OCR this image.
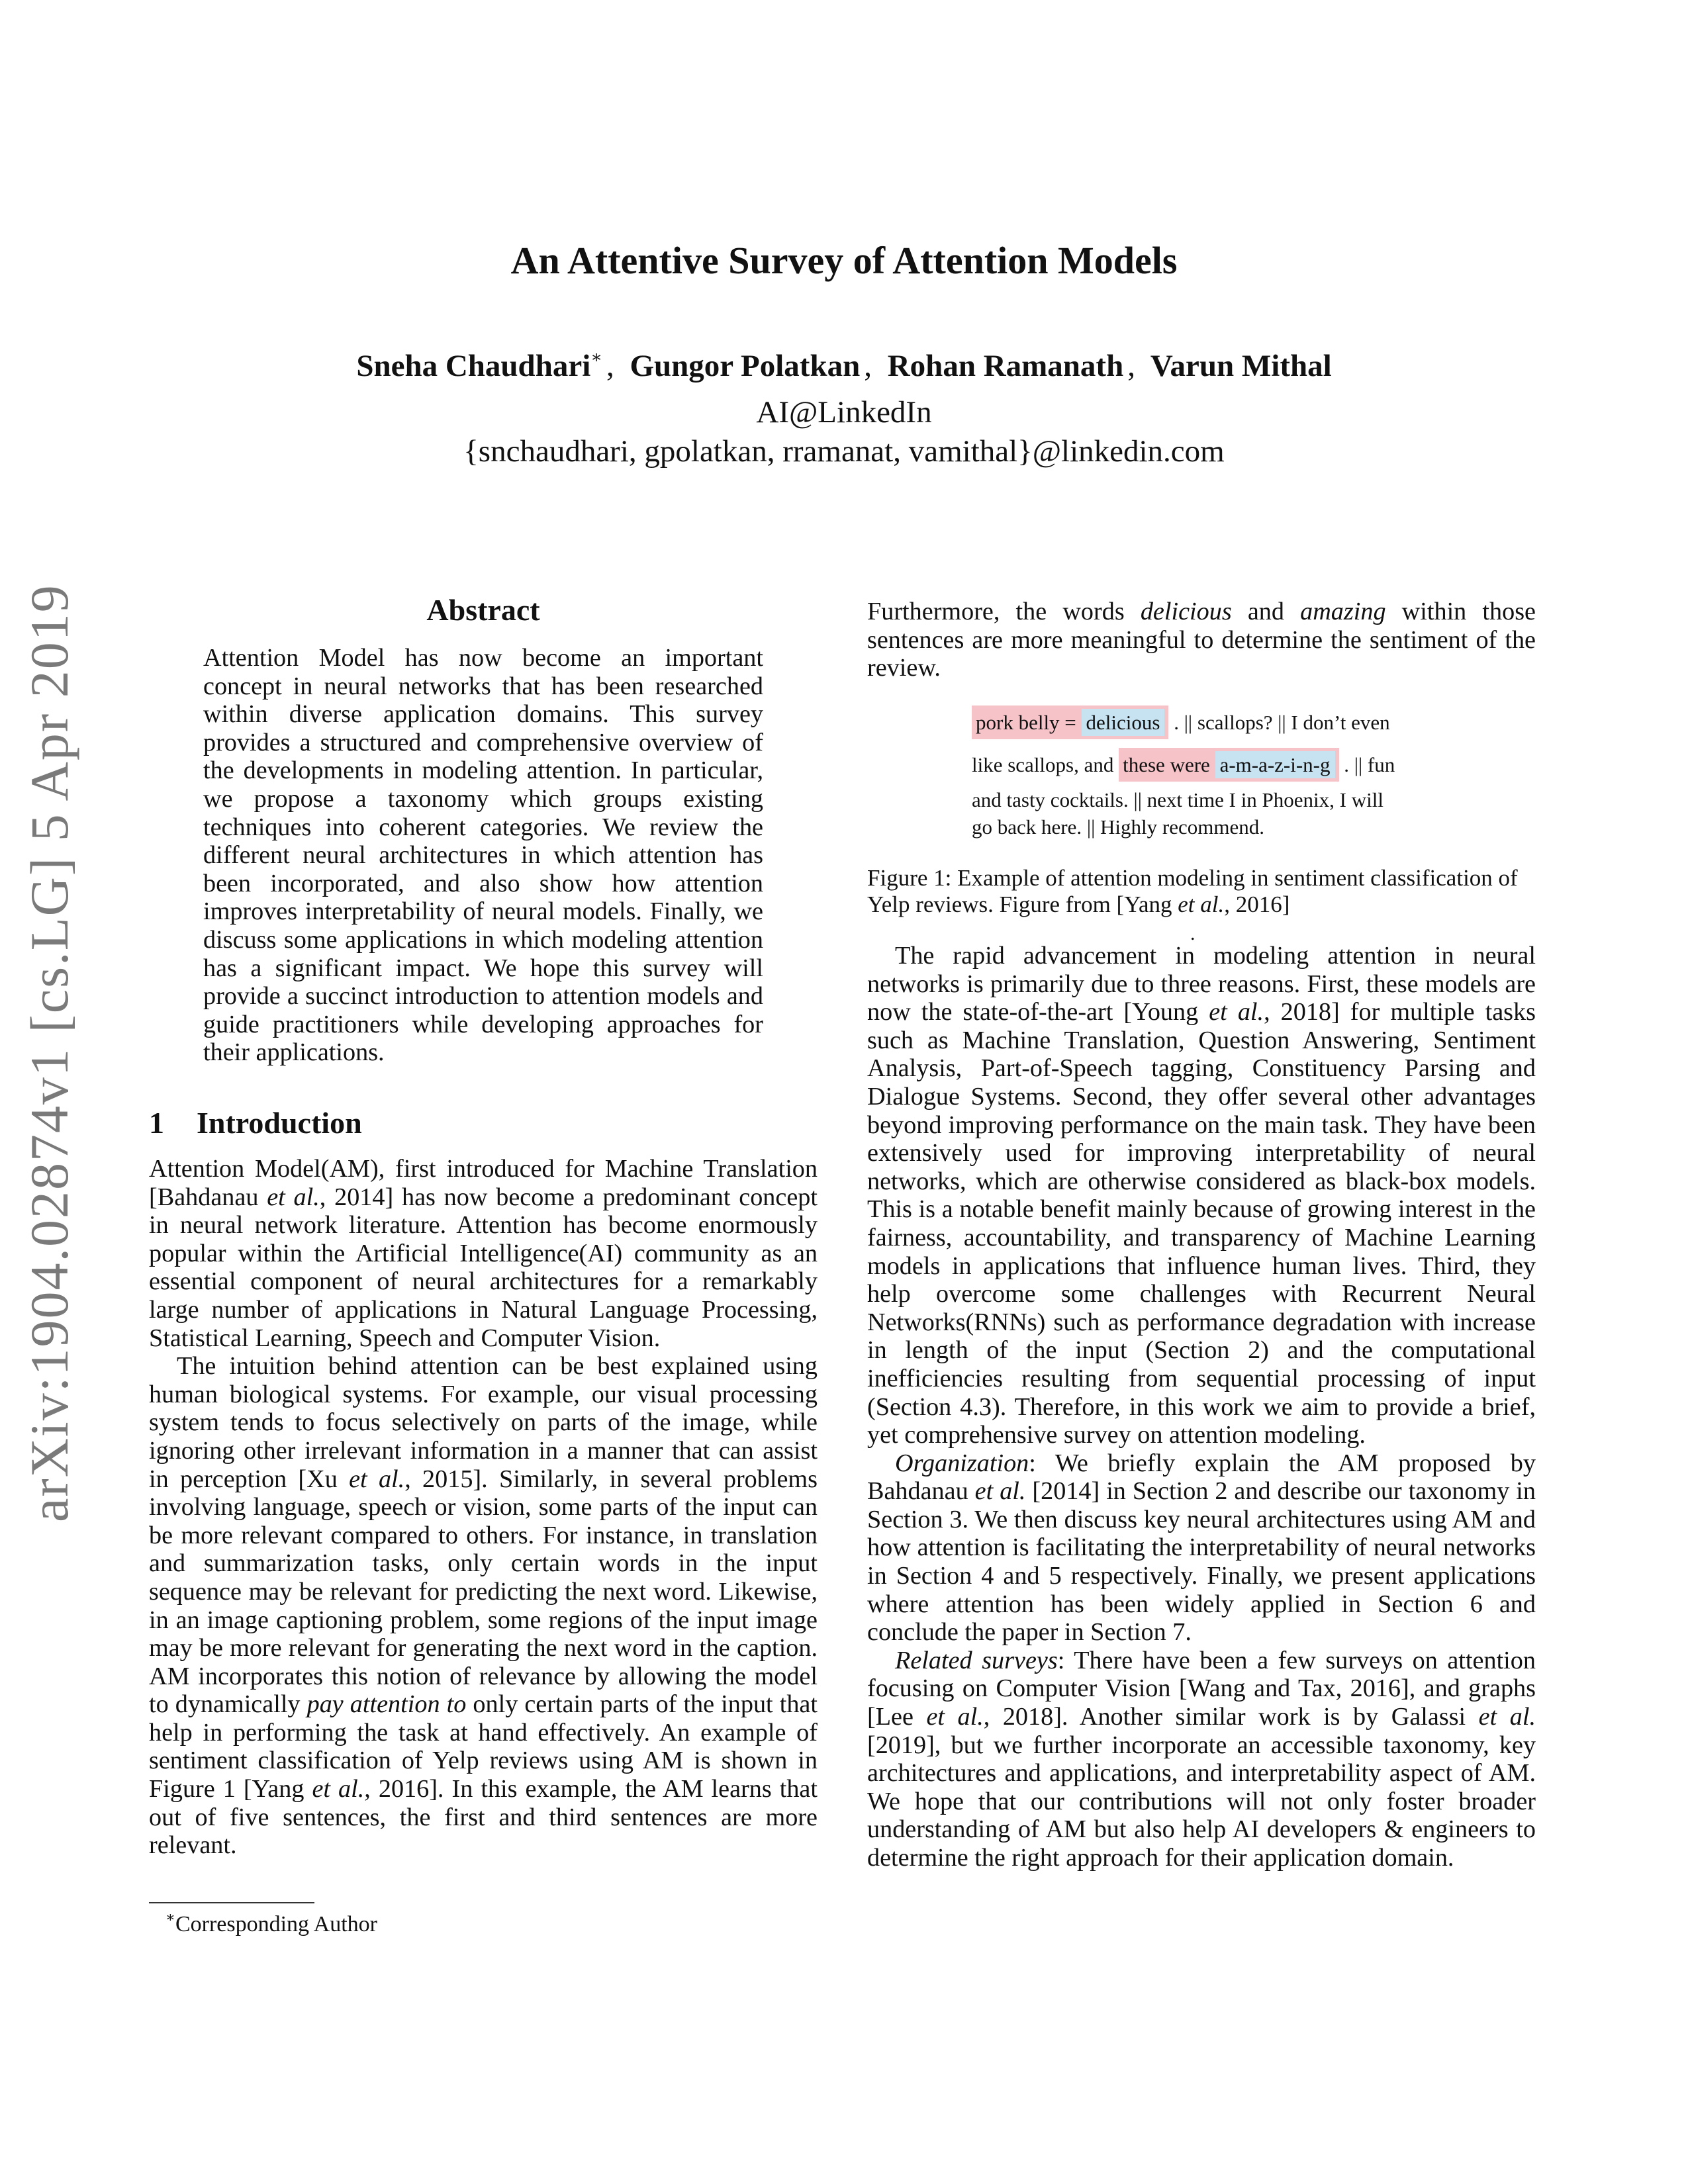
arXiv:1904.02874v1 [cs.LG] 5 Apr 2019
An Attentive Survey of Attention Models
Sneha Chaudhari∗ , Gungor Polatkan , Rohan Ramanath , Varun Mithal
AI@LinkedIn
{snchaudhari, gpolatkan, rramanat, vamithal}@linkedin.com
Abstract

Attention Model has now become an important concept in neural networks that has been researched within diverse application domains. This survey provides a structured and comprehensive overview of the developments in modeling attention. In particular, we propose a taxonomy which groups existing techniques into coherent categories. We review the different neural architectures in which attention has been incorporated, and also show how attention improves interpretability of neural models. Finally, we discuss some applications in which modeling attention has a significant impact. We hope this survey will provide a succinct introduction to attention models and guide practitioners while developing approaches for their applications.

1 Introduction

Attention Model(AM), first introduced for Machine Translation [Bahdanau et al., 2014] has now become a predominant concept in neural network literature. Attention has become enormously popular within the Artificial Intelligence(AI) community as an essential component of neural architectures for a remarkably large number of applications in Natural Language Processing, Statistical Learning, Speech and Computer Vision.

The intuition behind attention can be best explained using human biological systems. For example, our visual processing system tends to focus selectively on parts of the image, while ignoring other irrelevant information in a manner that can assist in perception [Xu et al., 2015]. Similarly, in several problems involving language, speech or vision, some parts of the input can be more relevant compared to others. For instance, in translation and summarization tasks, only certain words in the input sequence may be relevant for predicting the next word. Likewise, in an image captioning problem, some regions of the input image may be more relevant for generating the next word in the caption. AM incorporates this notion of relevance by allowing the model to dynamically pay attention to only certain parts of the input that help in performing the task at hand effectively. An example of sentiment classification of Yelp reviews using AM is shown in Figure 1 [Yang et al., 2016]. In this example, the AM learns that out of five sentences, the first and third sentences are more relevant.

∗Corresponding Author

Furthermore, the words delicious and amazing within those sentences are more meaningful to determine the sentiment of the review.

pork belly = delicious . || scallops? || I don’t even
like scallops, and these were a-m-a-z-i-n-g . || fun
and tasty cocktails. || next time I in Phoenix, I will
go back here. || Highly recommend.
Figure 1: Example of attention modeling in sentiment classification of Yelp reviews. Figure from [Yang et al., 2016]
.

The rapid advancement in modeling attention in neural networks is primarily due to three reasons. First, these models are now the state-of-the-art [Young et al., 2018] for multiple tasks such as Machine Translation, Question Answering, Sentiment Analysis, Part-of-Speech tagging, Constituency Parsing and Dialogue Systems. Second, they offer several other advantages beyond improving performance on the main task. They have been extensively used for improving interpretability of neural networks, which are otherwise considered as black-box models. This is a notable benefit mainly because of growing interest in the fairness, accountability, and transparency of Machine Learning models in applications that influence human lives. Third, they help overcome some challenges with Recurrent Neural Networks(RNNs) such as performance degradation with increase in length of the input (Section 2) and the computational inefficiencies resulting from sequential processing of input (Section 4.3). Therefore, in this work we aim to provide a brief, yet comprehensive survey on attention modeling.

Organization: We briefly explain the AM proposed by Bahdanau et al. [2014] in Section 2 and describe our taxonomy in Section 3. We then discuss key neural architectures using AM and how attention is facilitating the interpretability of neural networks in Section 4 and 5 respectively. Finally, we present applications where attention has been widely applied in Section 6 and conclude the paper in Section 7.

Related surveys: There have been a few surveys on attention focusing on Computer Vision [Wang and Tax, 2016], and graphs [Lee et al., 2018]. Another similar work is by Galassi et al. [2019], but we further incorporate an accessible taxonomy, key architectures and applications, and interpretability aspect of AM. We hope that our contributions will not only foster broader understanding of AM but also help AI developers & engineers to determine the right approach for their application domain.
